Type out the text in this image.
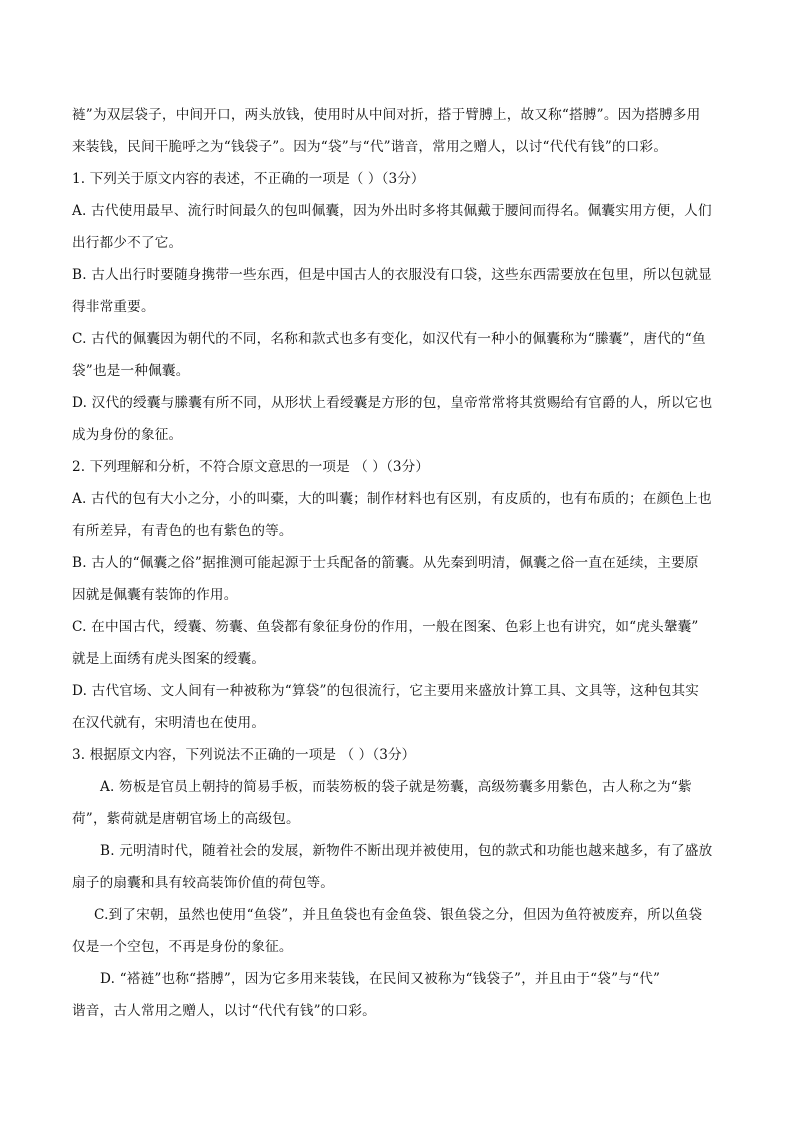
裢”为双层袋子，中间开口，两头放钱，使用时从中间对折，搭于臂膊上，故又称“搭膊”。因为搭膊多用
来装钱，民间干脆呼之为“钱袋子”。因为“袋”与“代”谐音，常用之赠人，以讨“代代有钱”的口彩。
1. 下列关于原文内容的表述，不正确的一项是（ ）（3分）
A. 古代使用最早、流行时间最久的包叫佩囊，因为外出时多将其佩戴于腰间而得名。佩囊实用方便，人们
出行都少不了它。
B. 古人出行时要随身携带一些东西，但是中国古人的衣服没有口袋，这些东西需要放在包里，所以包就显
得非常重要。
C. 古代的佩囊因为朝代的不同，名称和款式也多有变化，如汉代有一种小的佩囊称为“縢囊”，唐代的“鱼
袋”也是一种佩囊。
D. 汉代的绶囊与縢囊有所不同，从形状上看绶囊是方形的包，皇帝常常将其赏赐给有官爵的人，所以它也
成为身份的象征。
2. 下列理解和分析，不符合原文意思的一项是 （ ）（3分）
A. 古代的包有大小之分，小的叫橐，大的叫囊；制作材料也有区别，有皮质的，也有布质的；在颜色上也
有所差异，有青色的也有紫色的等。
B. 古人的“佩囊之俗”据推测可能起源于士兵配备的箭囊。从先秦到明清，佩囊之俗一直在延续，主要原
因就是佩囊有装饰的作用。
C. 在中国古代，绶囊、笏囊、鱼袋都有象征身份的作用，一般在图案、色彩上也有讲究，如“虎头鞶囊”
就是上面绣有虎头图案的绶囊。
D. 古代官场、文人间有一种被称为“算袋”的包很流行，它主要用来盛放计算工具、文具等，这种包其实
在汉代就有，宋明清也在使用。
3. 根据原文内容，下列说法不正确的一项是 （ ）（3分）
A. 笏板是官员上朝持的简易手板，而装笏板的袋子就是笏囊，高级笏囊多用紫色，古人称之为“紫
荷”，紫荷就是唐朝官场上的高级包。
B. 元明清时代，随着社会的发展，新物件不断出现并被使用，包的款式和功能也越来越多，有了盛放
扇子的扇囊和具有较高装饰价值的荷包等。
C.到了宋朝，虽然也使用“鱼袋”，并且鱼袋也有金鱼袋、银鱼袋之分，但因为鱼符被废弃，所以鱼袋
仅是一个空包，不再是身份的象征。
D. “褡裢”也称“搭膊”，因为它多用来装钱，在民间又被称为“钱袋子”，并且由于“袋”与“代”
谐音，古人常用之赠人，以讨“代代有钱”的口彩。
